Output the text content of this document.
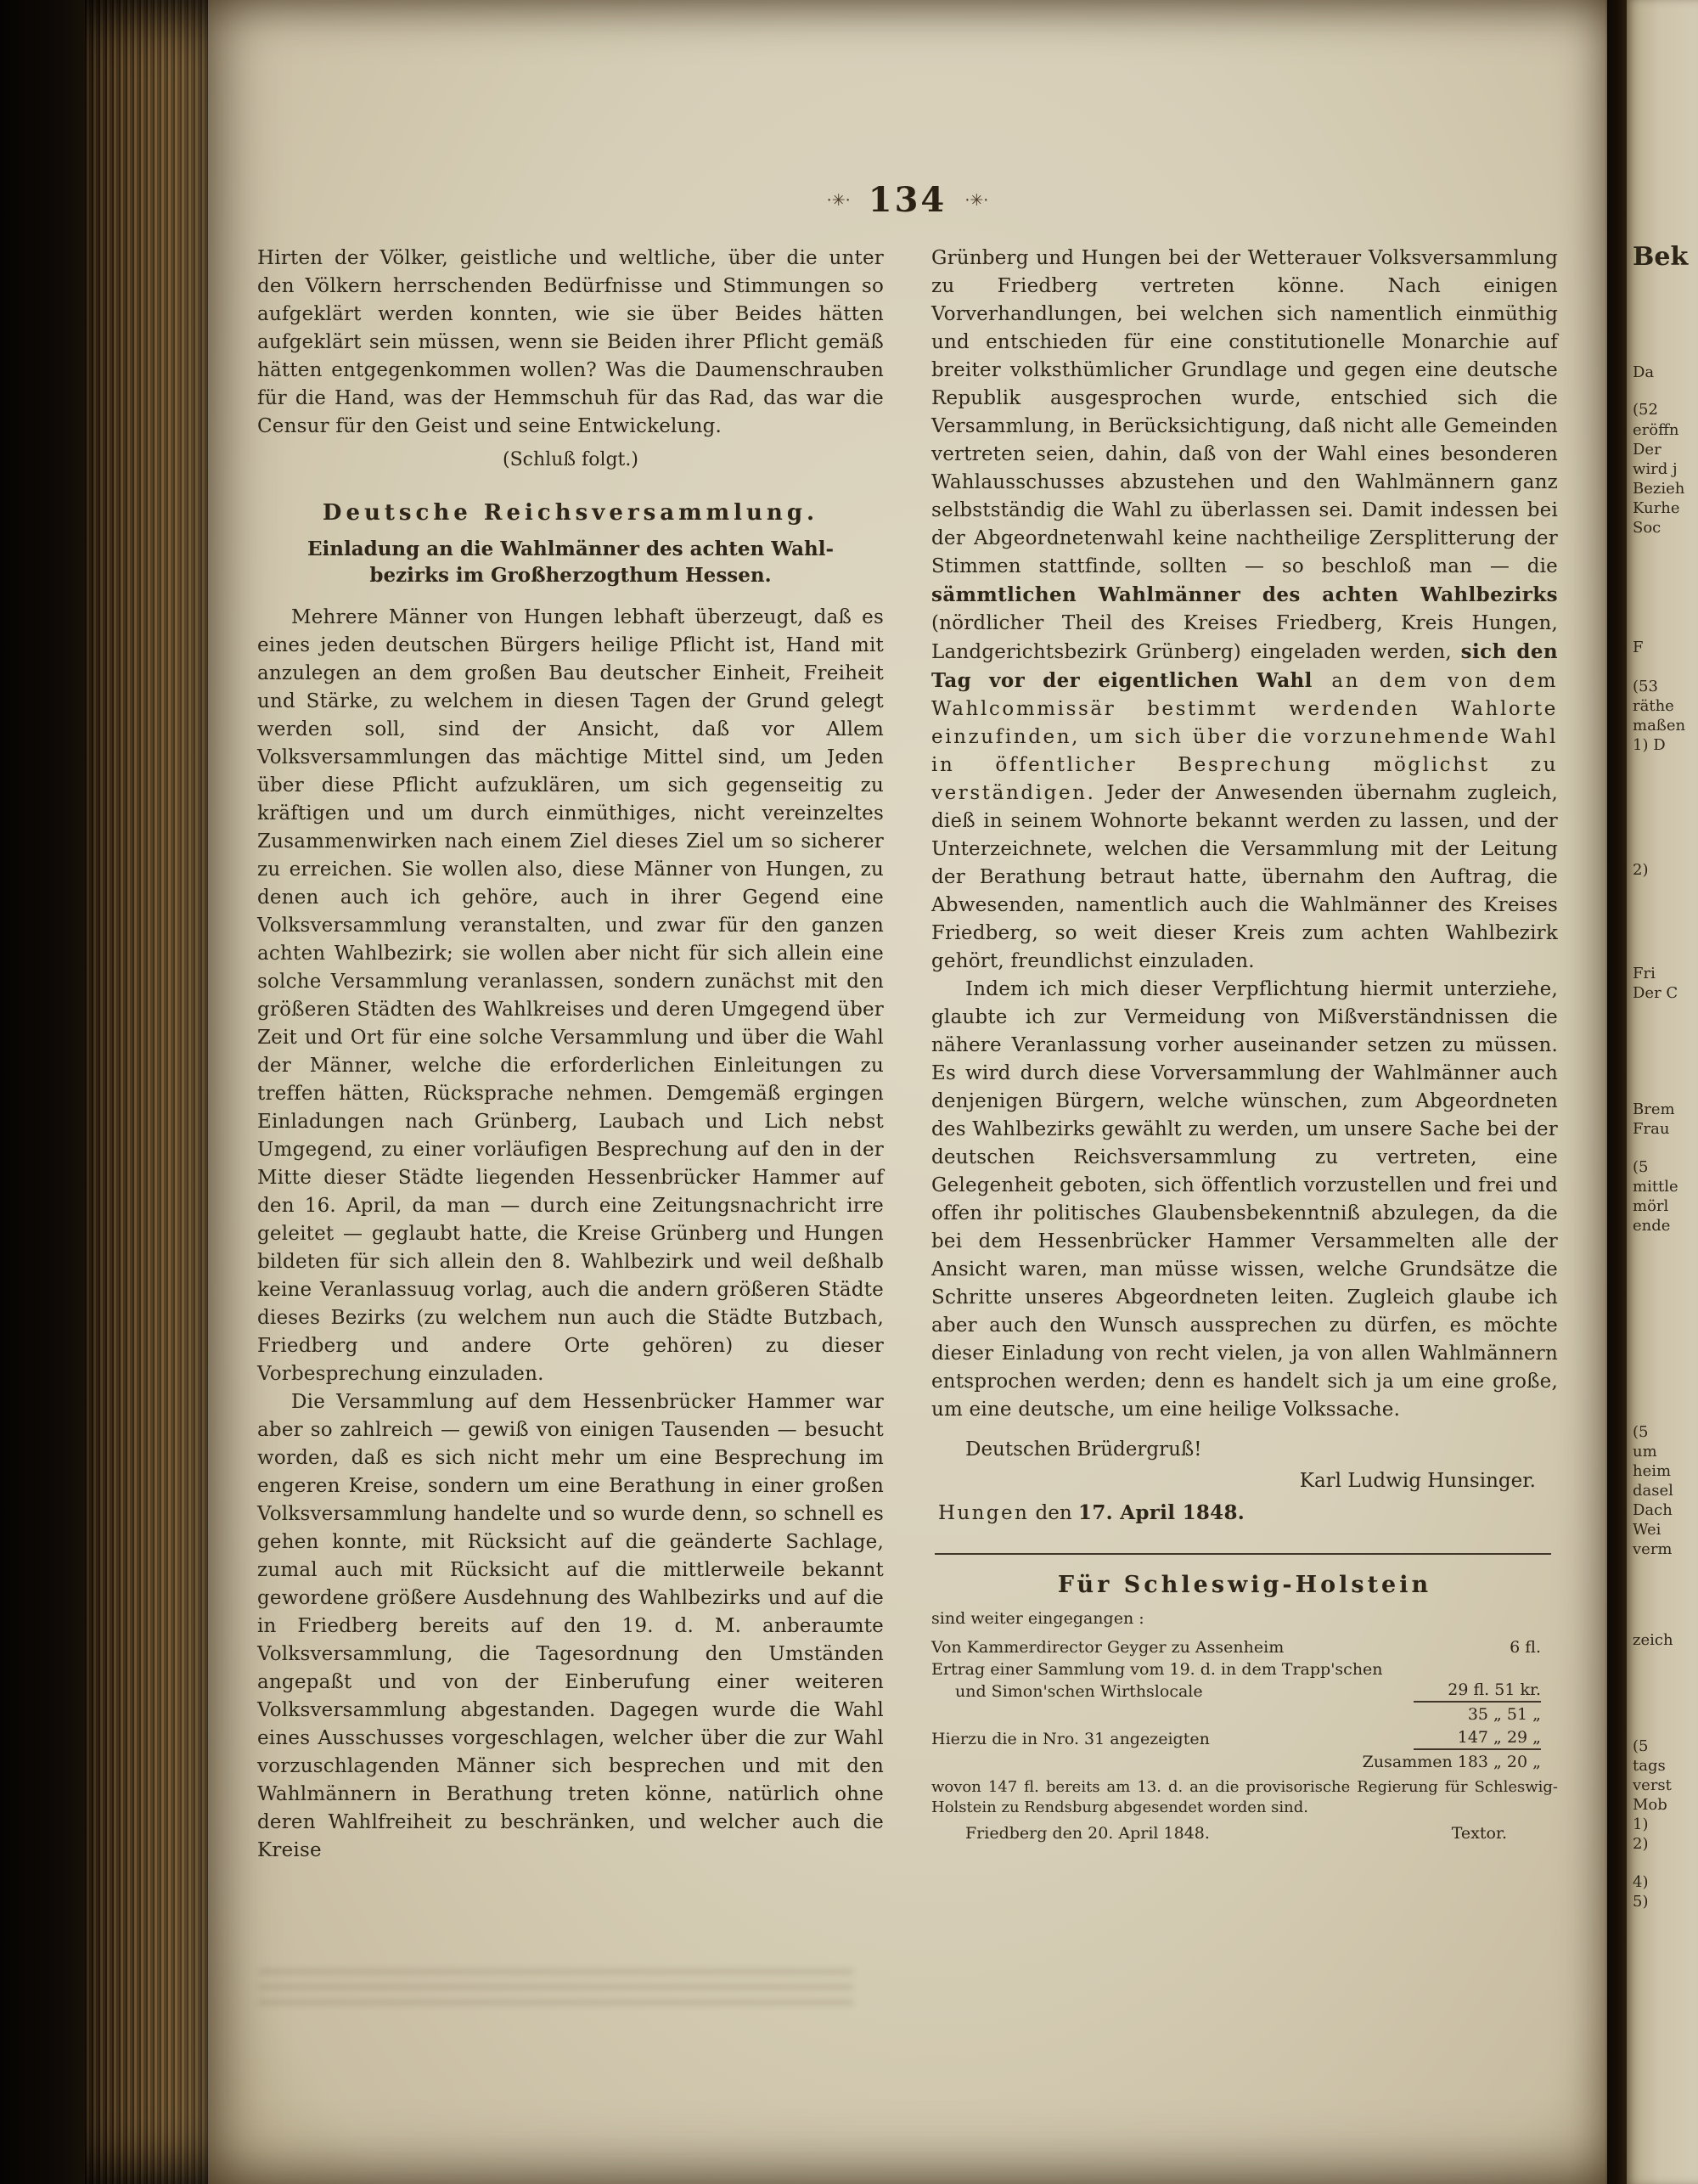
·✳· 134 ·✳·

Hirten der Völker, geistliche und weltliche, über die unter den Völkern herrschenden Bedürfnisse und Stimmungen so aufgeklärt werden konnten, wie sie über Beides hätten aufgeklärt sein müssen, wenn sie Beiden ihrer Pflicht gemäß hätten entgegenkommen wollen? Was die Daumenschrauben für die Hand, was der Hemmschuh für das Rad, das war die Censur für den Geist und seine Entwickelung.

(Schluß folgt.)

Deutsche Reichsversammlung.
Einladung an die Wahlmänner des achten Wahl-
bezirks im Großherzogthum Hessen.

Mehrere Männer von Hungen lebhaft überzeugt, daß es eines jeden deutschen Bürgers heilige Pflicht ist, Hand mit anzulegen an dem großen Bau deutscher Einheit, Freiheit und Stärke, zu welchem in diesen Tagen der Grund gelegt werden soll, sind der Ansicht, daß vor Allem Volksversammlungen das mächtige Mittel sind, um Jeden über diese Pflicht aufzuklären, um sich gegenseitig zu kräftigen und um durch einmüthiges, nicht vereinzeltes Zusammenwirken nach einem Ziel dieses Ziel um so sicherer zu erreichen. Sie wollen also, diese Männer von Hungen, zu denen auch ich gehöre, auch in ihrer Gegend eine Volksversammlung veranstalten, und zwar für den ganzen achten Wahlbezirk; sie wollen aber nicht für sich allein eine solche Versammlung veranlassen, sondern zunächst mit den größeren Städten des Wahlkreises und deren Umgegend über Zeit und Ort für eine solche Versammlung und über die Wahl der Männer, welche die erforderlichen Einleitungen zu treffen hätten, Rücksprache nehmen. Demgemäß ergingen Einladungen nach Grünberg, Laubach und Lich nebst Umgegend, zu einer vorläufigen Besprechung auf den in der Mitte dieser Städte liegenden Hessenbrücker Hammer auf den 16. April, da man — durch eine Zeitungsnachricht irre geleitet — geglaubt hatte, die Kreise Grünberg und Hungen bildeten für sich allein den 8. Wahlbezirk und weil deßhalb keine Veranlassuug vorlag, auch die andern größeren Städte dieses Bezirks (zu welchem nun auch die Städte Butzbach, Friedberg und andere Orte gehören) zu dieser Vorbesprechung einzuladen.

Die Versammlung auf dem Hessenbrücker Hammer war aber so zahlreich — gewiß von einigen Tausenden — besucht worden, daß es sich nicht mehr um eine Besprechung im engeren Kreise, sondern um eine Berathung in einer großen Volksversammlung handelte und so wurde denn, so schnell es gehen konnte, mit Rücksicht auf die geänderte Sachlage, zumal auch mit Rücksicht auf die mittlerweile bekannt gewordene größere Ausdehnung des Wahlbezirks und auf die in Friedberg bereits auf den 19. d. M. anberaumte Volksversammlung, die Tagesordnung den Umständen angepaßt und von der Einberufung einer weiteren Volksversammlung abgestanden. Dagegen wurde die Wahl eines Ausschusses vorgeschlagen, welcher über die zur Wahl vorzuschlagenden Männer sich besprechen und mit den Wahlmännern in Berathung treten könne, natürlich ohne deren Wahlfreiheit zu beschränken, und welcher auch die Kreise

Grünberg und Hungen bei der Wetterauer Volksversammlung zu Friedberg vertreten könne. Nach einigen Vorverhandlungen, bei welchen sich namentlich einmüthig und entschieden für eine constitutionelle Monarchie auf breiter volksthümlicher Grundlage und gegen eine deutsche Republik ausgesprochen wurde, entschied sich die Versammlung, in Berücksichtigung, daß nicht alle Gemeinden vertreten seien, dahin, daß von der Wahl eines besonderen Wahlausschusses abzustehen und den Wahlmännern ganz selbstständig die Wahl zu überlassen sei. Damit indessen bei der Abgeordnetenwahl keine nachtheilige Zersplitterung der Stimmen stattfinde, sollten — so beschloß man — die sämmtlichen Wahlmänner des achten Wahlbezirks (nördlicher Theil des Kreises Friedberg, Kreis Hungen, Landgerichtsbezirk Grünberg) eingeladen werden, sich den Tag vor der eigentlichen Wahl an dem von dem Wahlcommissär bestimmt werdenden Wahlorte einzufinden, um sich über die vorzunehmende Wahl in öffentlicher Besprechung möglichst zu verständigen. Jeder der Anwesenden übernahm zugleich, dieß in seinem Wohnorte bekannt werden zu lassen, und der Unterzeichnete, welchen die Versammlung mit der Leitung der Berathung betraut hatte, übernahm den Auftrag, die Abwesenden, namentlich auch die Wahlmänner des Kreises Friedberg, so weit dieser Kreis zum achten Wahlbezirk gehört, freundlichst einzuladen.

Indem ich mich dieser Verpflichtung hiermit unterziehe, glaubte ich zur Vermeidung von Mißverständnissen die nähere Veranlassung vorher auseinander setzen zu müssen. Es wird durch diese Vorversammlung der Wahlmänner auch denjenigen Bürgern, welche wünschen, zum Abgeordneten des Wahlbezirks gewählt zu werden, um unsere Sache bei der deutschen Reichsversammlung zu vertreten, eine Gelegenheit geboten, sich öffentlich vorzustellen und frei und offen ihr politisches Glaubensbekenntniß abzulegen, da die bei dem Hessenbrücker Hammer Versammelten alle der Ansicht waren, man müsse wissen, welche Grundsätze die Schritte unseres Abgeordneten leiten. Zugleich glaube ich aber auch den Wunsch aussprechen zu dürfen, es möchte dieser Einladung von recht vielen, ja von allen Wahlmännern entsprochen werden; denn es handelt sich ja um eine große, um eine deutsche, um eine heilige Volkssache.

Deutschen Brüdergruß!

Karl Ludwig Hunsinger.

Hungen den 17. April 1848.

Für Schleswig-Holstein

sind weiter eingegangen :

Von Kammerdirector Geyger zu Assenheim	6 fl.
Ertrag einer Sammlung vom 19. d. in dem Trapp'schen und Simon'schen Wirthslocale	29 fl. 51 kr.
35 „ 51 „
Hierzu die in Nro. 31 angezeigten	147 „ 29 „
Zusammen 183 „ 20 „

wovon 147 fl. bereits am 13. d. an die provisorische Regierung für Schleswig-Holstein zu Rendsburg abgesendet worden sind.

Friedberg den 20. April 1848.	Textor.
Bek
Da
(52
eröffn
Der
wird j
Bezieh
Kurhe
Soc
F
(53
räthe
maßen
1) D
2)
Fri
Der C
Brem
Frau
(5
mittle
mörl
ende
(5
um
heim
dasel
Dach
Wei
verm
zeich
(5
tags
verst
Mob
1)
2)
4)
5)
